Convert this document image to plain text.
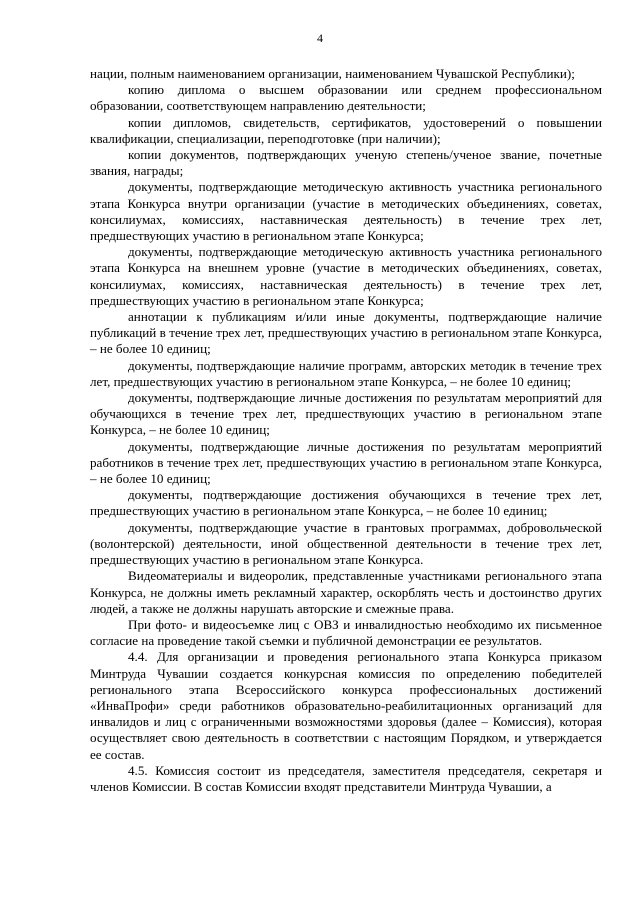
4

нации, полным наименованием организации, наименованием Чувашской Республики);

копию диплома о высшем образовании или среднем профессиональном образовании, соответствующем направлению деятельности;

копии дипломов, свидетельств, сертификатов, удостоверений о повышении квалификации, специализации, переподготовке (при наличии);

копии документов, подтверждающих ученую степень/ученое звание, почетные звания, награды;

документы, подтверждающие методическую активность участника регионального этапа Конкурса внутри организации (участие в методических объединениях, советах, консилиумах, комиссиях, наставническая деятельность) в течение трех лет, предшествующих участию в региональном этапе Конкурса;

документы, подтверждающие методическую активность участника регионального этапа Конкурса на внешнем уровне (участие в методических объединениях, советах, консилиумах, комиссиях, наставническая деятельность) в течение трех лет, предшествующих участию в региональном этапе Конкурса;

аннотации к публикациям и/или иные документы, подтверждающие наличие публикаций в течение трех лет, предшествующих участию в региональном этапе Конкурса, – не более 10 единиц;

документы, подтверждающие наличие программ, авторских методик в течение трех лет, предшествующих участию в региональном этапе Конкурса, – не более 10 единиц;

документы, подтверждающие личные достижения по результатам мероприятий для обучающихся в течение трех лет, предшествующих участию в региональном этапе Конкурса, – не более 10 единиц;

документы, подтверждающие личные достижения по результатам мероприятий работников в течение трех лет, предшествующих участию в региональном этапе Конкурса, – не более 10 единиц;

документы, подтверждающие достижения обучающихся в течение трех лет, предшествующих участию в региональном этапе Конкурса, – не более 10 единиц;

документы, подтверждающие участие в грантовых программах, добровольческой (волонтерской) деятельности, иной общественной деятельности в течение трех лет, предшествующих участию в региональном этапе Конкурса.

Видеоматериалы и видеоролик, представленные участниками регионального этапа Конкурса, не должны иметь рекламный характер, оскорблять честь и достоинство других людей, а также не должны нарушать авторские и смежные права.

При фото- и видеосъемке лиц с ОВЗ и инвалидностью необходимо их письменное согласие на проведение такой съемки и публичной демонстрации ее результатов.

4.4. Для организации и проведения регионального этапа Конкурса приказом Минтруда Чувашии создается конкурсная комиссия по определению победителей регионального этапа Всероссийского конкурса профессиональных достижений «ИнваПрофи» среди работников образовательно-реабилитационных организаций для инвалидов и лиц с ограниченными возможностями здоровья (далее – Комиссия), которая осуществляет свою деятельность в соответствии с настоящим Порядком, и утверждается ее состав.

4.5. Комиссия состоит из председателя, заместителя председателя, секретаря и членов Комиссии. В состав Комиссии входят представители Минтруда Чувашии, а
